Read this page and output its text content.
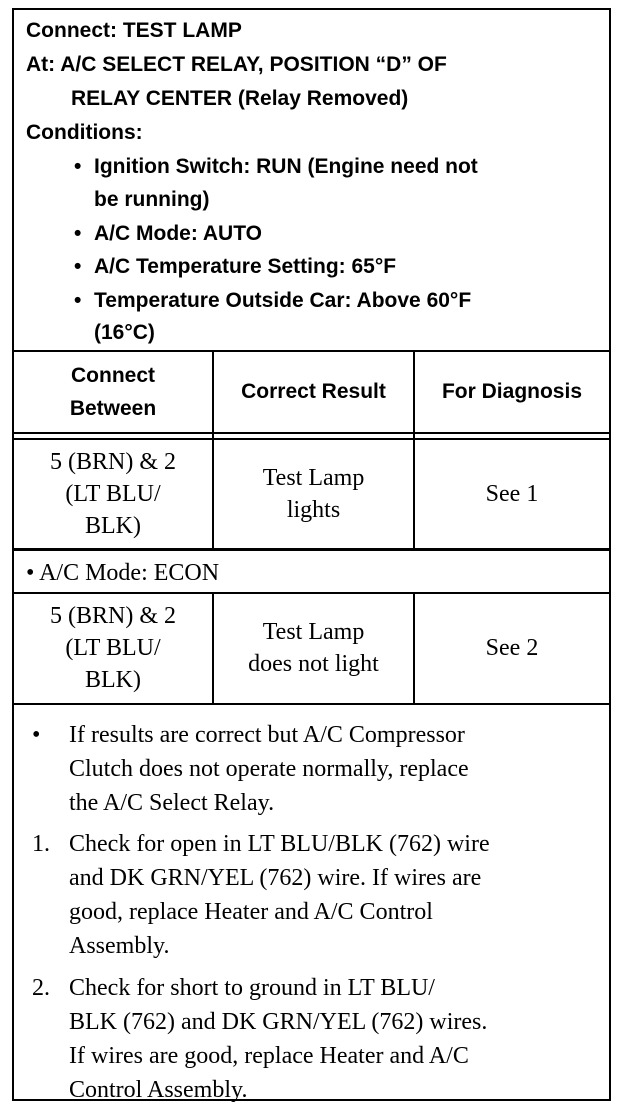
Connect: TEST LAMP
At: A/C SELECT RELAY, POSITION “D” OF
RELAY CENTER (Relay Removed)
Conditions:
• Ignition Switch: RUN (Engine need not
be running)
• A/C Mode: AUTO
• A/C Temperature Setting: 65°F
• Temperature Outside Car: Above 60°F
(16°C)
Connect
Between
Correct Result	For Diagnosis
5 (BRN) & 2
(LT BLU/
BLK)
Test Lamp
lights
See 1
• A/C Mode: ECON
5 (BRN) & 2
(LT BLU/
BLK)
Test Lamp
does not light
See 2
• If results are correct but A/C Compressor
Clutch does not operate normally, replace
the A/C Select Relay.
1. Check for open in LT BLU/BLK (762) wire
and DK GRN/YEL (762) wire. If wires are
good, replace Heater and A/C Control
Assembly.
2. Check for short to ground in LT BLU/
BLK (762) and DK GRN/YEL (762) wires.
If wires are good, replace Heater and A/C
Control Assembly.
